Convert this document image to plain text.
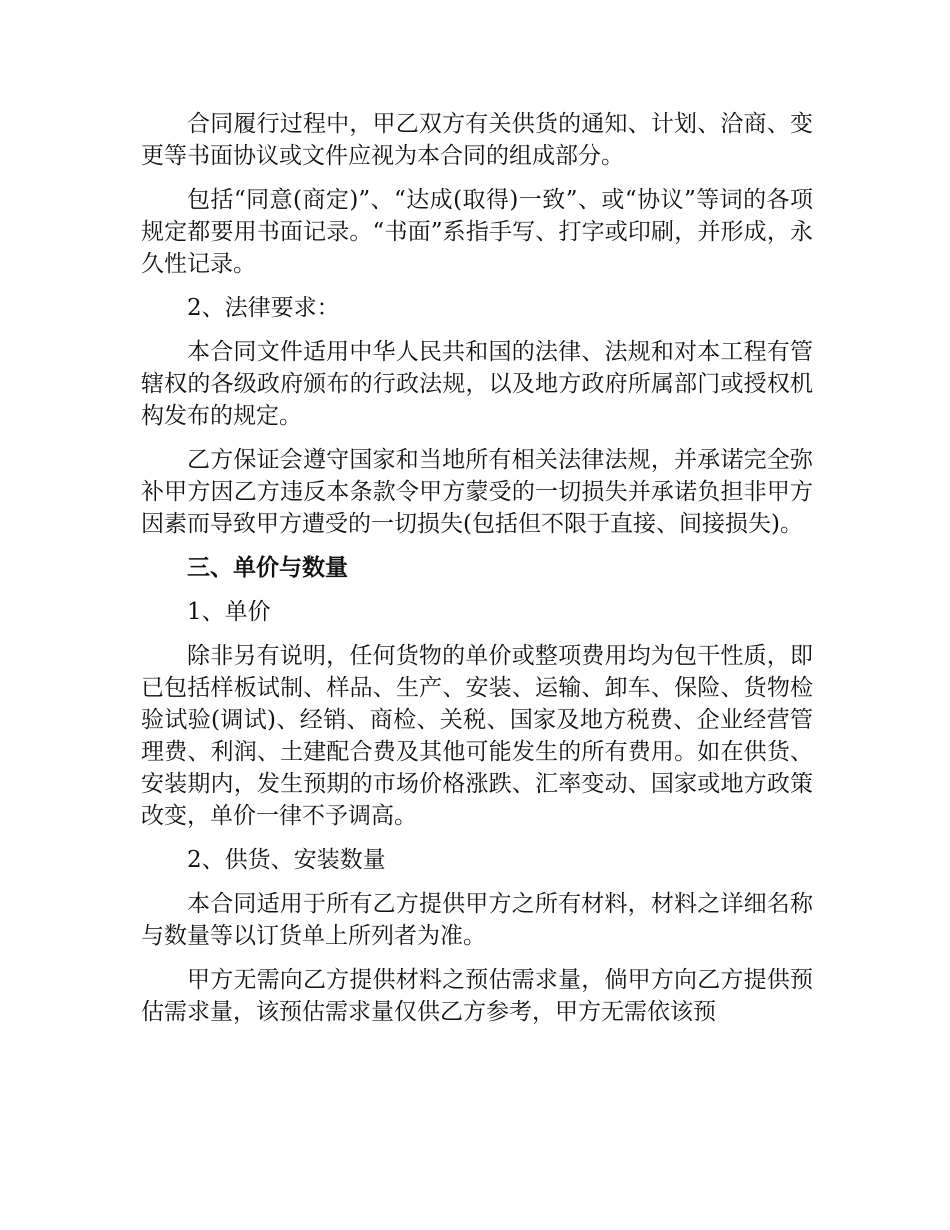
合同履行过程中，甲乙双方有关供货的通知、计划、洽商、变更等书面协议或文件应视为本合同的组成部分。

包括“同意(商定)”、“达成(取得)一致”、或“协议”等词的各项规定都要用书面记录。“书面”系指手写、打字或印刷，并形成，永久性记录。

2、法律要求：

本合同文件适用中华人民共和国的法律、法规和对本工程有管辖权的各级政府颁布的行政法规，以及地方政府所属部门或授权机构发布的规定。

乙方保证会遵守国家和当地所有相关法律法规，并承诺完全弥补甲方因乙方违反本条款令甲方蒙受的一切损失并承诺负担非甲方因素而导致甲方遭受的一切损失(包括但不限于直接、间接损失)。

三、单价与数量

1、单价

除非另有说明，任何货物的单价或整项费用均为包干性质，即已包括样板试制、样品、生产、安装、运输、卸车、保险、货物检验试验(调试)、经销、商检、关税、国家及地方税费、企业经营管理费、利润、土建配合费及其他可能发生的所有费用。如在供货、安装期内，发生预期的市场价格涨跌、汇率变动、国家或地方政策改变，单价一律不予调高。

2、供货、安装数量

本合同适用于所有乙方提供甲方之所有材料，材料之详细名称与数量等以订货单上所列者为准。

甲方无需向乙方提供材料之预估需求量，倘甲方向乙方提供预估需求量，该预估需求量仅供乙方参考，甲方无需依该预
